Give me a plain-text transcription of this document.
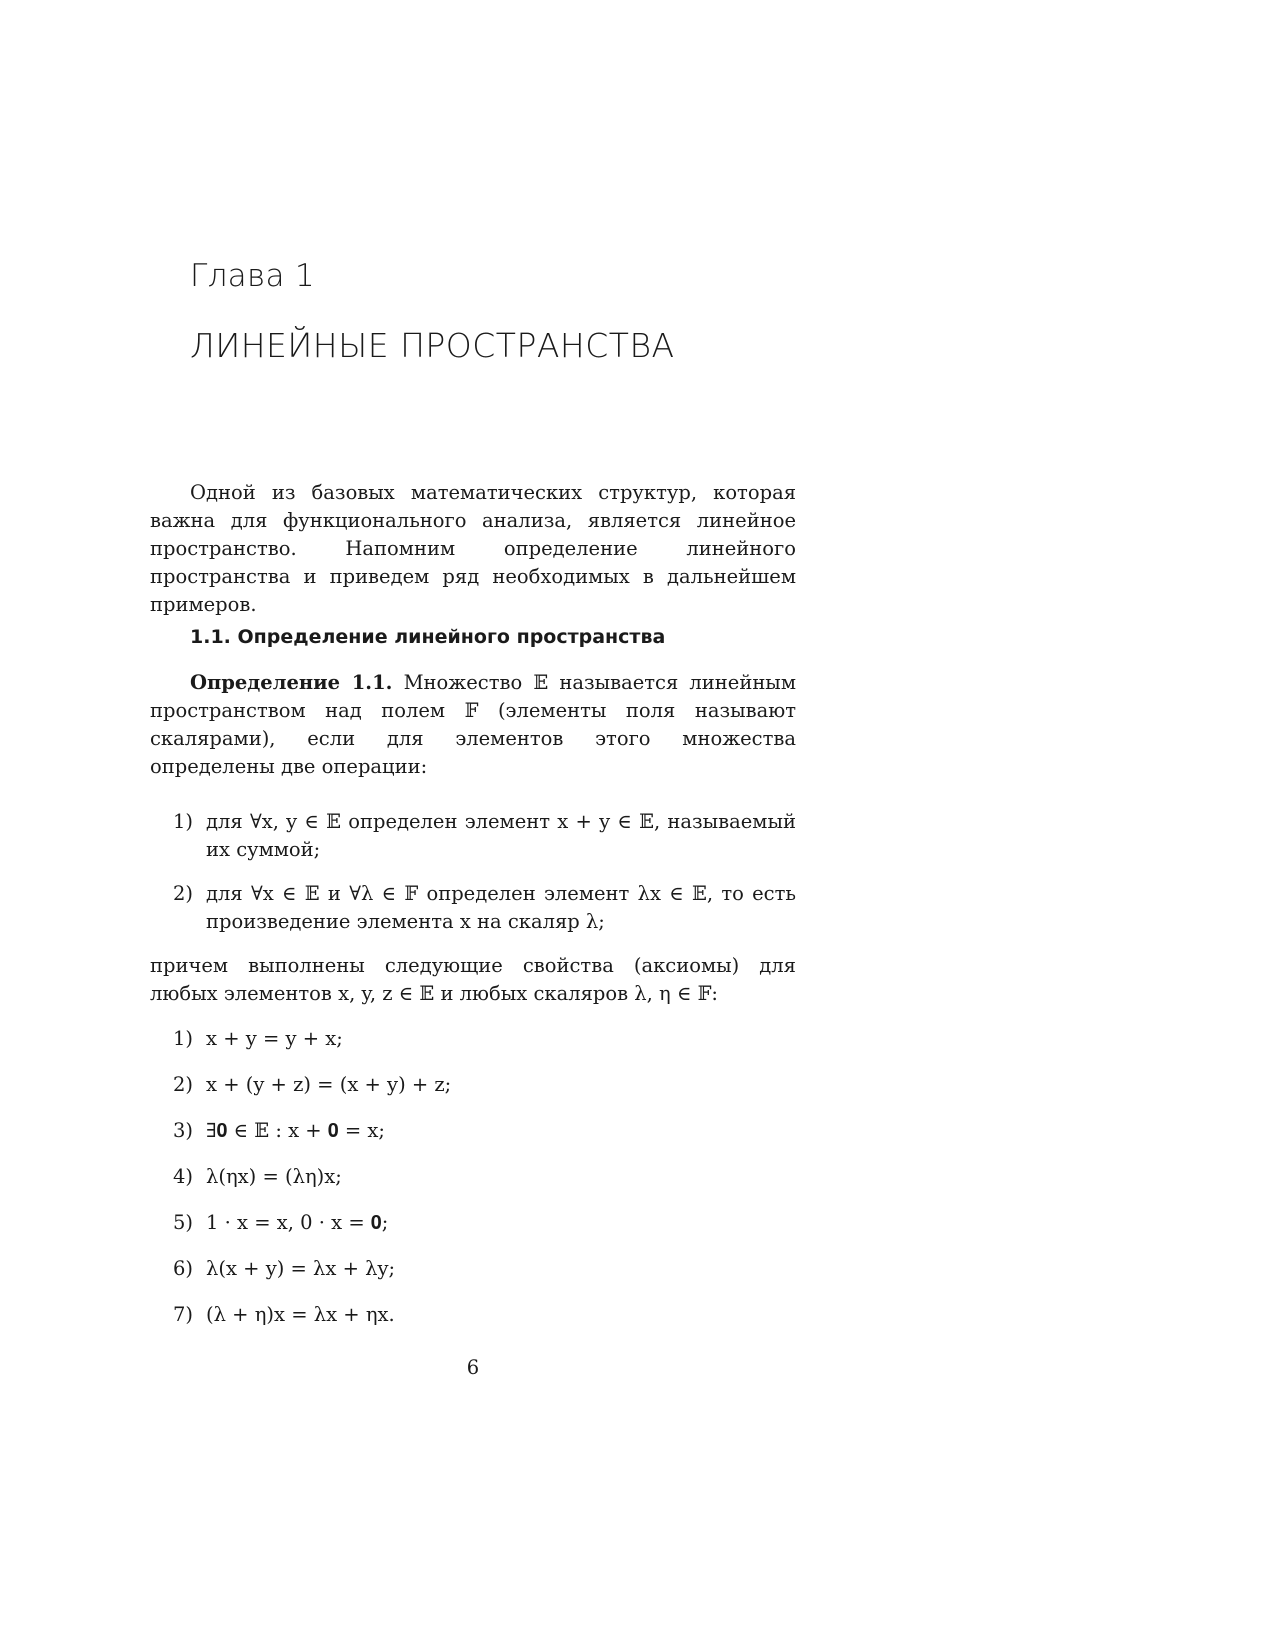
Глава 1
ЛИНЕЙНЫЕ ПРОСТРАНСТВА

Одной из базовых математических структур, которая важна для функционального анализа, является линейное пространство. Напомним определение линейного пространства и приведем ряд необходимых в дальнейшем примеров.

1.1. Определение линейного пространства

Определение 1.1. Множество 𝔼 называется линейным пространством над полем 𝔽 (элементы поля называют скалярами), если для элементов этого множества определены две операции:

1) для ∀x, y ∈ 𝔼 определен элемент x + y ∈ 𝔼, называемый их суммой;
2) для ∀x ∈ 𝔼 и ∀λ ∈ 𝔽 определен элемент λx ∈ 𝔼, то есть произведение элемента x на скаляр λ;

причем выполнены следующие свойства (аксиомы) для любых элементов x, y, z ∈ 𝔼 и любых скаляров λ, η ∈ 𝔽:

1) x + y = y + x;
2) x + (y + z) = (x + y) + z;
3) ∃𝟎 ∈ 𝔼 : x + 𝟎 = x;
4) λ(ηx) = (λη)x;
5) 1 · x = x, 0 · x = 𝟎;
6) λ(x + y) = λx + λy;
7) (λ + η)x = λx + ηx.
6
